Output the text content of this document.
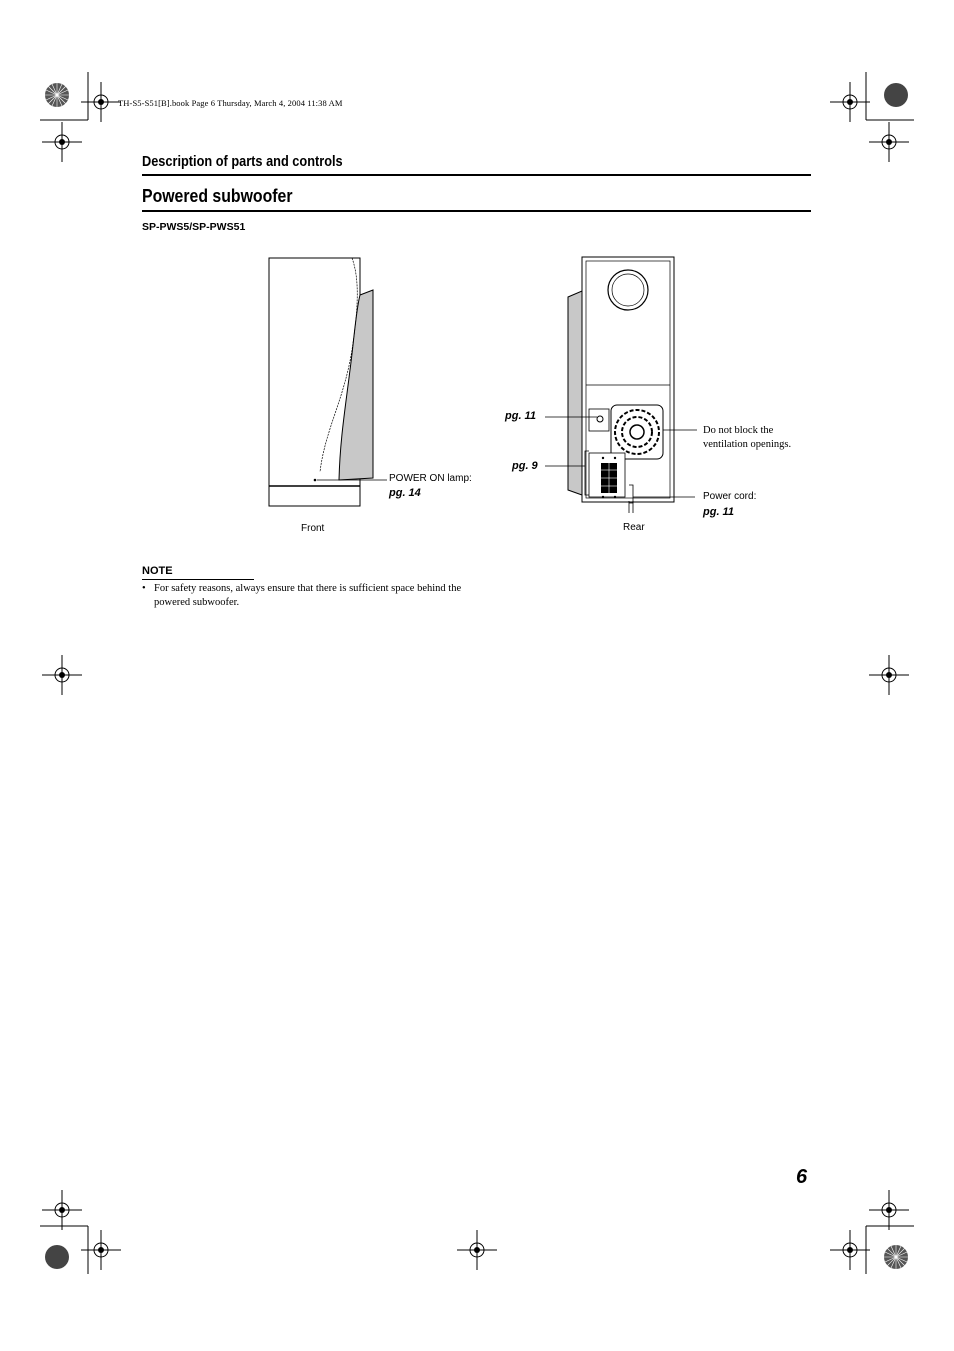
TH-S5-S51[B].book Page 6 Thursday, March 4, 2004 11:38 AM
Description of parts and controls
Powered subwoofer
SP-PWS5/SP-PWS51
POWER ON lamp:
pg. 14
Front
pg. 11
pg. 9
Do not block the
ventilation openings.
Power cord:
pg. 11
Rear
NOTE
• For safety reasons, always ensure that there is sufficient space behind the powered subwoofer.
6
